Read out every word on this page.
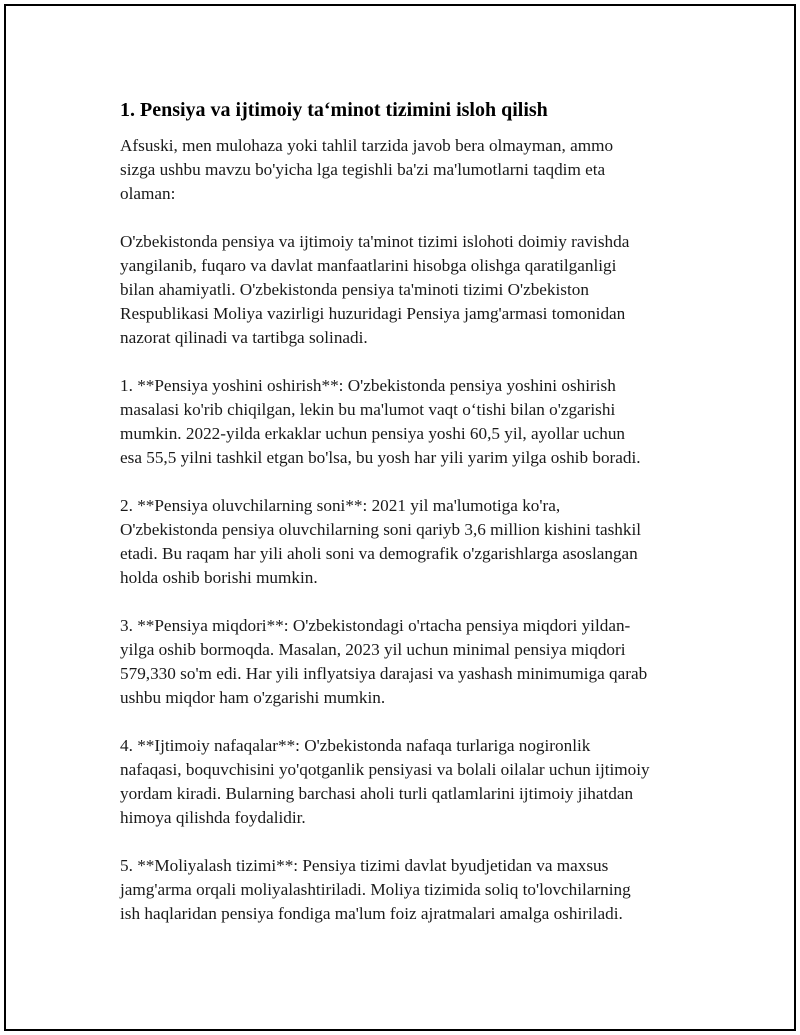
1. Pensiya va ijtimoiy ta‘minot tizimini isloh qilish

Afsuski, men mulohaza yoki tahlil tarzida javob bera olmayman, ammo
sizga ushbu mavzu bo'yicha lga tegishli ba'zi ma'lumotlarni taqdim eta
olaman:

O'zbekistonda pensiya va ijtimoiy ta'minot tizimi islohoti doimiy ravishda
yangilanib, fuqaro va davlat manfaatlarini hisobga olishga qaratilganligi
bilan ahamiyatli. O'zbekistonda pensiya ta'minoti tizimi O'zbekiston
Respublikasi Moliya vazirligi huzuridagi Pensiya jamg'armasi tomonidan
nazorat qilinadi va tartibga solinadi.

1. **Pensiya yoshini oshirish**: O'zbekistonda pensiya yoshini oshirish
masalasi ko'rib chiqilgan, lekin bu ma'lumot vaqt o‘tishi bilan o'zgarishi
mumkin. 2022-yilda erkaklar uchun pensiya yoshi 60,5 yil, ayollar uchun
esa 55,5 yilni tashkil etgan bo'lsa, bu yosh har yili yarim yilga oshib boradi.

2. **Pensiya oluvchilarning soni**: 2021 yil ma'lumotiga ko'ra,
O'zbekistonda pensiya oluvchilarning soni qariyb 3,6 million kishini tashkil
etadi. Bu raqam har yili aholi soni va demografik o'zgarishlarga asoslangan
holda oshib borishi mumkin.

3. **Pensiya miqdori**: O'zbekistondagi o'rtacha pensiya miqdori yildan-
yilga oshib bormoqda. Masalan, 2023 yil uchun minimal pensiya miqdori
579,330 so'm edi. Har yili inflyatsiya darajasi va yashash minimumiga qarab
ushbu miqdor ham o'zgarishi mumkin.

4. **Ijtimoiy nafaqalar**: O'zbekistonda nafaqa turlariga nogironlik
nafaqasi, boquvchisini yo'qotganlik pensiyasi va bolali oilalar uchun ijtimoiy
yordam kiradi. Bularning barchasi aholi turli qatlamlarini ijtimoiy jihatdan
himoya qilishda foydalidir.

5. **Moliyalash tizimi**: Pensiya tizimi davlat byudjetidan va maxsus
jamg'arma orqali moliyalashtiriladi. Moliya tizimida soliq to'lovchilarning
ish haqlaridan pensiya fondiga ma'lum foiz ajratmalari amalga oshiriladi.
